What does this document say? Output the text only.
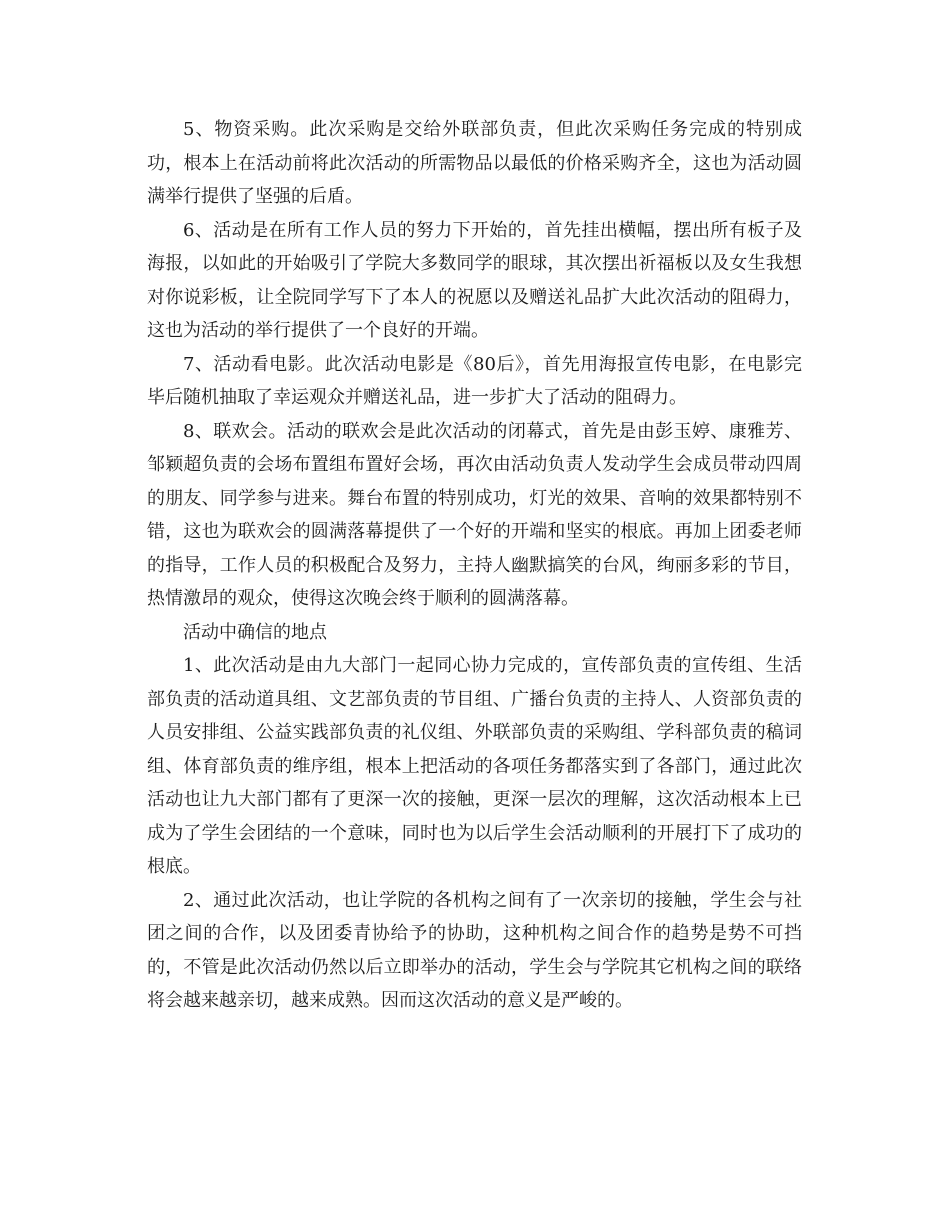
5、物资采购。此次采购是交给外联部负责，但此次采购任务完成的特别成功，根本上在活动前将此次活动的所需物品以最低的价格采购齐全，这也为活动圆满举行提供了坚强的后盾。

6、活动是在所有工作人员的努力下开始的，首先挂出横幅，摆出所有板子及海报，以如此的开始吸引了学院大多数同学的眼球，其次摆出祈福板以及女生我想对你说彩板，让全院同学写下了本人的祝愿以及赠送礼品扩大此次活动的阻碍力，这也为活动的举行提供了一个良好的开端。

7、活动看电影。此次活动电影是《80后》，首先用海报宣传电影，在电影完毕后随机抽取了幸运观众并赠送礼品，进一步扩大了活动的阻碍力。

8、联欢会。活动的联欢会是此次活动的闭幕式，首先是由彭玉婷、康雅芳、邹颖超负责的会场布置组布置好会场，再次由活动负责人发动学生会成员带动四周的朋友、同学参与进来。舞台布置的特别成功，灯光的效果、音响的效果都特别不错，这也为联欢会的圆满落幕提供了一个好的开端和坚实的根底。再加上团委老师的指导，工作人员的积极配合及努力，主持人幽默搞笑的台风，绚丽多彩的节目，热情激昂的观众，使得这次晚会终于顺利的圆满落幕。

活动中确信的地点

1、此次活动是由九大部门一起同心协力完成的，宣传部负责的宣传组、生活部负责的活动道具组、文艺部负责的节目组、广播台负责的主持人、人资部负责的人员安排组、公益实践部负责的礼仪组、外联部负责的采购组、学科部负责的稿词组、体育部负责的维序组，根本上把活动的各项任务都落实到了各部门，通过此次活动也让九大部门都有了更深一次的接触，更深一层次的理解，这次活动根本上已成为了学生会团结的一个意味，同时也为以后学生会活动顺利的开展打下了成功的根底。

2、通过此次活动，也让学院的各机构之间有了一次亲切的接触，学生会与社团之间的合作，以及团委青协给予的协助，这种机构之间合作的趋势是势不可挡的，不管是此次活动仍然以后立即举办的活动，学生会与学院其它机构之间的联络将会越来越亲切，越来成熟。因而这次活动的意义是严峻的。
